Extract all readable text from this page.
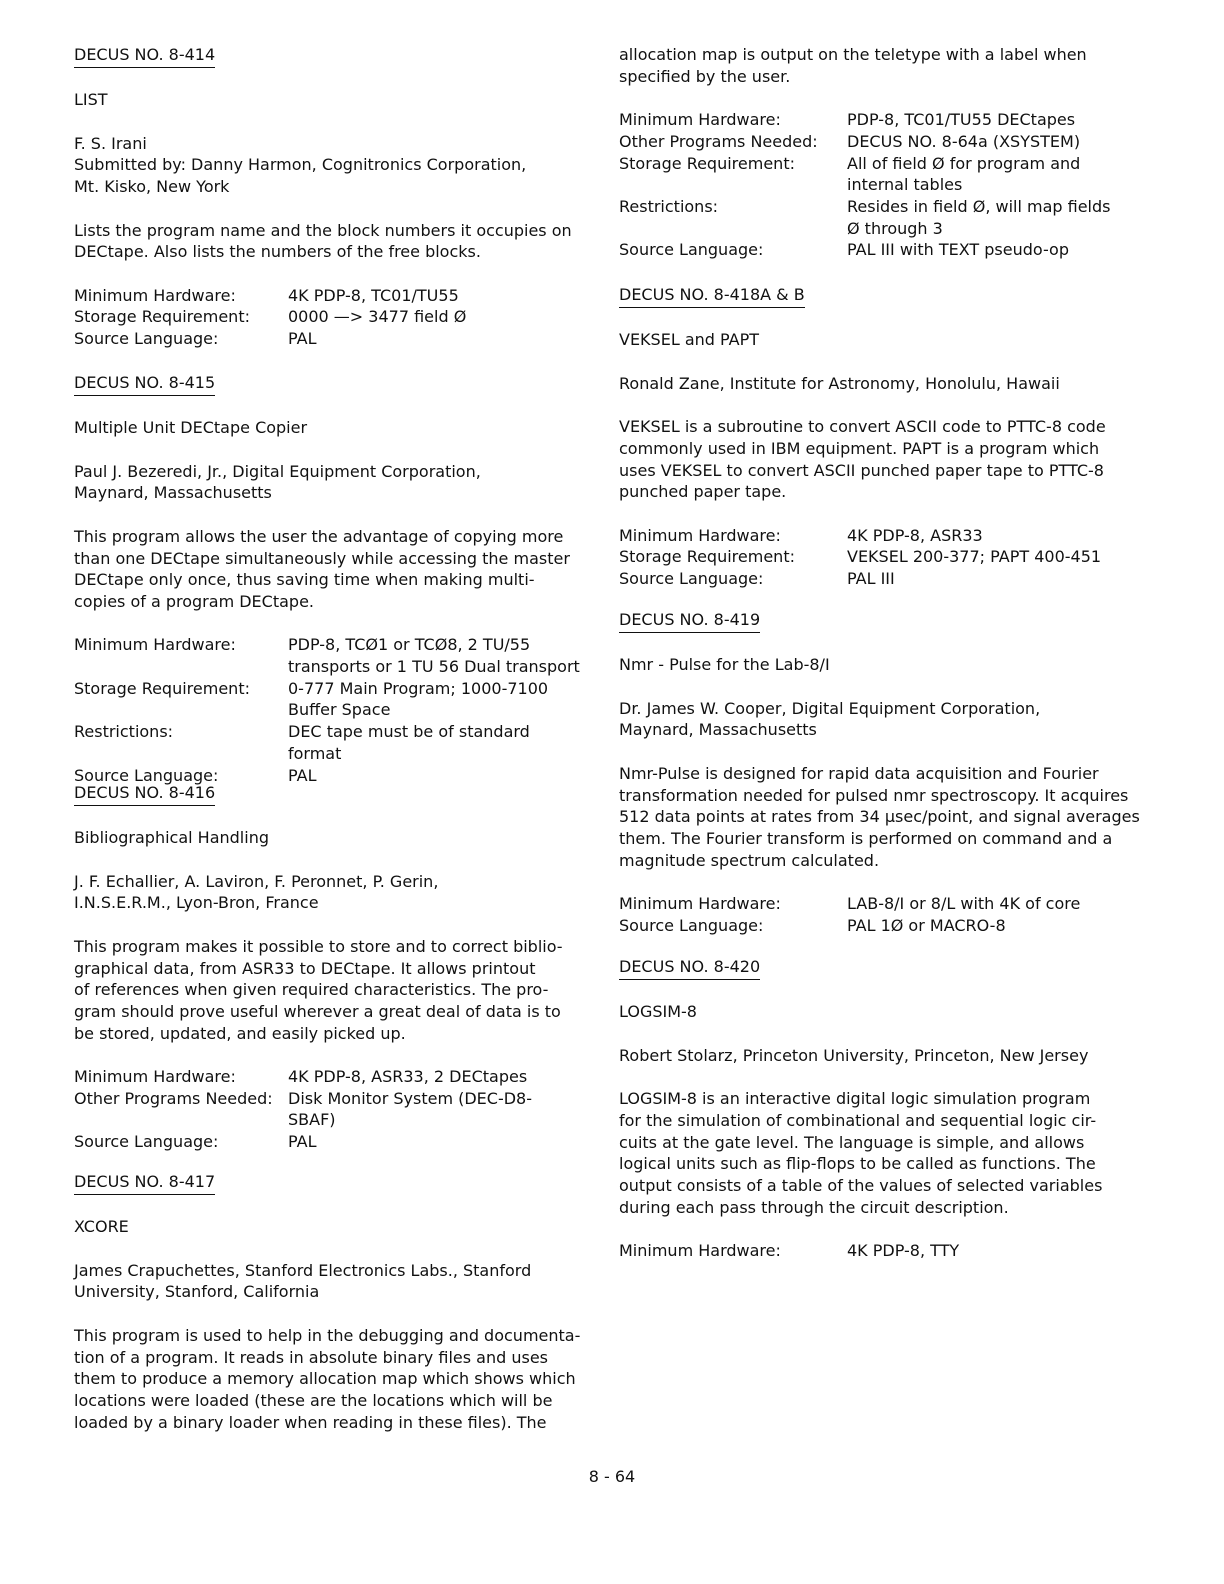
DECUS NO. 8-414

LIST

F. S. Irani

Submitted by: Danny Harmon, Cognitronics Corporation,

Mt. Kisko, New York

Lists the program name and the block numbers it occupies on

DECtape. Also lists the numbers of the free blocks.

Minimum Hardware:	4K PDP-8, TC01/TU55
Storage Requirement:	0000 —> 3477 field Ø
Source Language:	PAL
DECUS NO. 8-415

Multiple Unit DECtape Copier

Paul J. Bezeredi, Jr., Digital Equipment Corporation,

Maynard, Massachusetts

This program allows the user the advantage of copying more

than one DECtape simultaneously while accessing the master

DECtape only once, thus saving time when making multi-

copies of a program DECtape.

Minimum Hardware:	PDP-8, TCØ1 or TCØ8, 2 TU/55
transports or 1 TU 56 Dual transport
Storage Requirement:	0-777 Main Program; 1000-7100
Buffer Space
Restrictions:	DEC tape must be of standard format
Source Language:	PAL
DECUS NO. 8-416

Bibliographical Handling

J. F. Echallier, A. Laviron, F. Peronnet, P. Gerin,

I.N.S.E.R.M., Lyon-Bron, France

This program makes it possible to store and to correct biblio-

graphical data, from ASR33 to DECtape. It allows printout

of references when given required characteristics. The pro-

gram should prove useful wherever a great deal of data is to

be stored, updated, and easily picked up.

Minimum Hardware:	4K PDP-8, ASR33, 2 DECtapes
Other Programs Needed: Disk Monitor System (DEC-D8-
SBAF)
Source Language:	PAL
DECUS NO. 8-417

XCORE

James Crapuchettes, Stanford Electronics Labs., Stanford

University, Stanford, California

This program is used to help in the debugging and documenta-

tion of a program. It reads in absolute binary files and uses

them to produce a memory allocation map which shows which

locations were loaded (these are the locations which will be

loaded by a binary loader when reading in these files). The

allocation map is output on the teletype with a label when

specified by the user.

Minimum Hardware:	PDP-8, TC01/TU55 DECtapes
Other Programs Needed:	DECUS NO. 8-64a (XSYSTEM)
Storage Requirement:	All of field Ø for program and
internal tables
Restrictions:	Resides in field Ø, will map fields
Ø through 3
Source Language:	PAL III with TEXT pseudo-op
DECUS NO. 8-418A & B

VEKSEL and PAPT

Ronald Zane, Institute for Astronomy, Honolulu, Hawaii

VEKSEL is a subroutine to convert ASCII code to PTTC-8 code

commonly used in IBM equipment. PAPT is a program which

uses VEKSEL to convert ASCII punched paper tape to PTTC-8

punched paper tape.

Minimum Hardware:	4K PDP-8, ASR33
Storage Requirement:	VEKSEL 200-377; PAPT 400-451
Source Language:	PAL III
DECUS NO. 8-419

Nmr - Pulse for the Lab-8/I

Dr. James W. Cooper, Digital Equipment Corporation,

Maynard, Massachusetts

Nmr-Pulse is designed for rapid data acquisition and Fourier

transformation needed for pulsed nmr spectroscopy. It acquires

512 data points at rates from 34 μsec/point, and signal averages

them. The Fourier transform is performed on command and a

magnitude spectrum calculated.

Minimum Hardware:	LAB-8/I or 8/L with 4K of core
Source Language:	PAL 1Ø or MACRO-8
DECUS NO. 8-420

LOGSIM-8

Robert Stolarz, Princeton University, Princeton, New Jersey

LOGSIM-8 is an interactive digital logic simulation program

for the simulation of combinational and sequential logic cir-

cuits at the gate level. The language is simple, and allows

logical units such as flip-flops to be called as functions. The

output consists of a table of the values of selected variables

during each pass through the circuit description.

Minimum Hardware:	4K PDP-8, TTY
8 - 64
